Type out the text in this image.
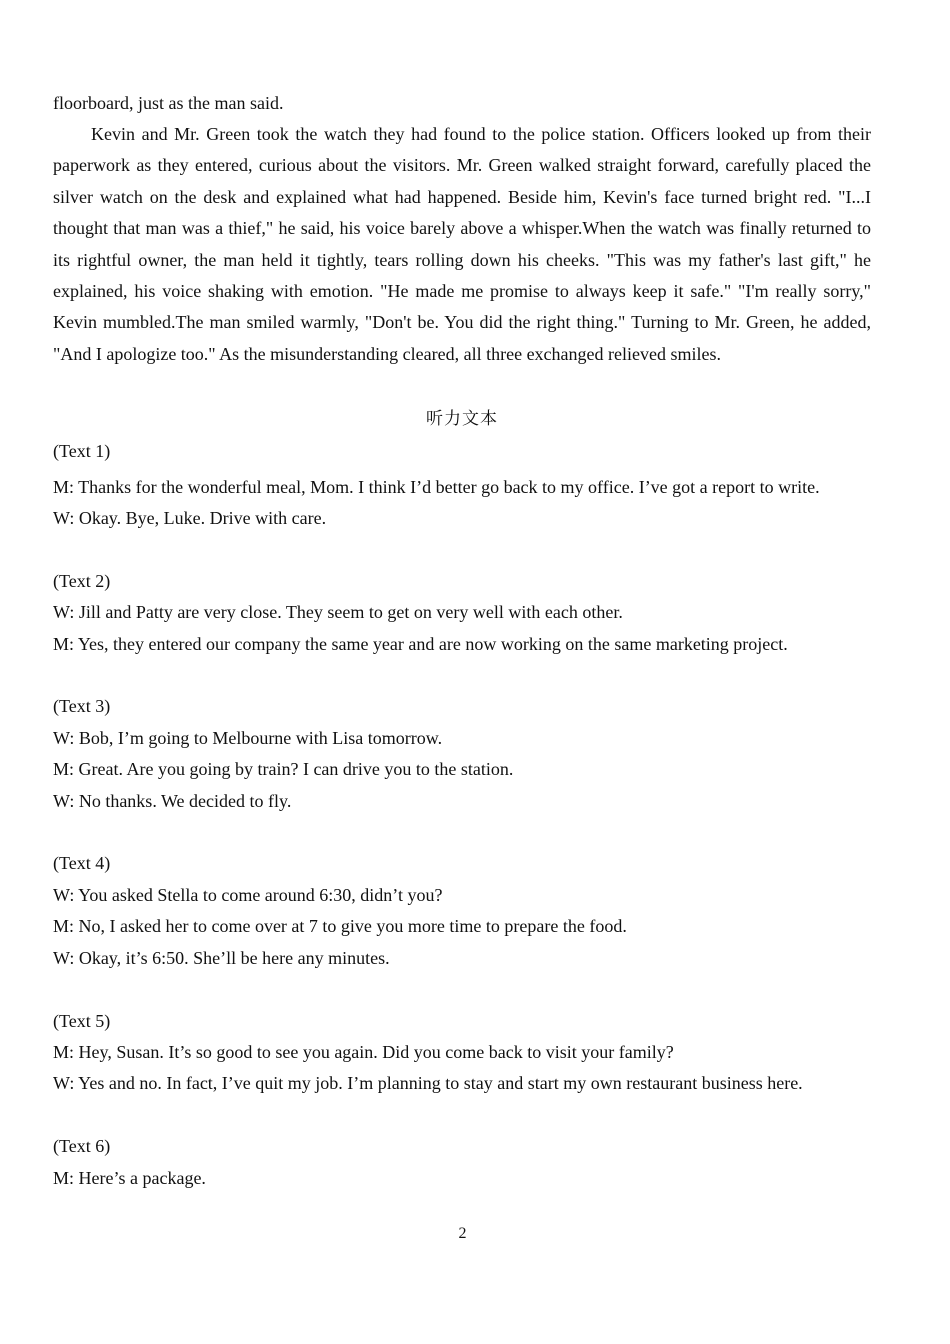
floorboard, just as the man said.

Kevin and Mr. Green took the watch they had found to the police station. Officers looked up from their paperwork as they entered, curious about the visitors. Mr. Green walked straight forward, carefully placed the silver watch on the desk and explained what had happened. Beside him, Kevin's face turned bright red. "I...I thought that man was a thief," he said, his voice barely above a whisper.When the watch was finally returned to its rightful owner, the man held it tightly, tears rolling down his cheeks. "This was my father's last gift," he explained, his voice shaking with emotion. "He made me promise to always keep it safe." "I'm really sorry," Kevin mumbled.The man smiled warmly, "Don't be. You did the right thing." Turning to Mr. Green, he added, "And I apologize too." As the misunderstanding cleared, all three exchanged relieved smiles.

听力文本

(Text 1)

M: Thanks for the wonderful meal, Mom. I think I’d better go back to my office. I’ve got a report to write.

W: Okay. Bye, Luke. Drive with care.

(Text 2)

W: Jill and Patty are very close. They seem to get on very well with each other.

M: Yes, they entered our company the same year and are now working on the same marketing project.

(Text 3)

W: Bob, I’m going to Melbourne with Lisa tomorrow.

M: Great. Are you going by train? I can drive you to the station.

W: No thanks. We decided to fly.

(Text 4)

W: You asked Stella to come around 6:30, didn’t you?

M: No, I asked her to come over at 7 to give you more time to prepare the food.

W: Okay, it’s 6:50. She’ll be here any minutes.

(Text 5)

M: Hey, Susan. It’s so good to see you again. Did you come back to visit your family?

W: Yes and no. In fact, I’ve quit my job. I’m planning to stay and start my own restaurant business here.

(Text 6)

M: Here’s a package.

2
